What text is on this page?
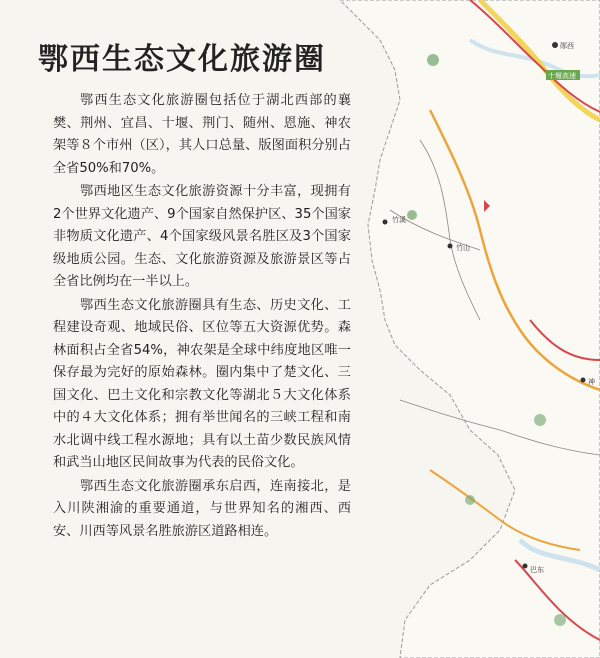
郧西
十堰高速
竹溪
竹山
神
巴东
鄂西生态文化旅游圈

鄂西生态文化旅游圈包括位于湖北西部的襄樊、荆州、宜昌、十堰、荆门、随州、恩施、神农架等８个市州（区），其人口总量、版图面积分别占全省50%和70%。

鄂西地区生态文化旅游资源十分丰富，现拥有2个世界文化遗产、9个国家自然保护区、35个国家非物质文化遗产、4个国家级风景名胜区及3个国家级地质公园。生态、文化旅游资源及旅游景区等占全省比例均在一半以上。

鄂西生态文化旅游圈具有生态、历史文化、工程建设奇观、地域民俗、区位等五大资源优势。森林面积占全省54%，神农架是全球中纬度地区唯一保存最为完好的原始森林。圈内集中了楚文化、三国文化、巴土文化和宗教文化等湖北５大文化体系中的４大文化体系；拥有举世闻名的三峡工程和南水北调中线工程水源地；具有以土苗少数民族风情和武当山地区民间故事为代表的民俗文化。

鄂西生态文化旅游圈承东启西，连南接北，是入川陕湘渝的重要通道，与世界知名的湘西、西安、川西等风景名胜旅游区道路相连。
